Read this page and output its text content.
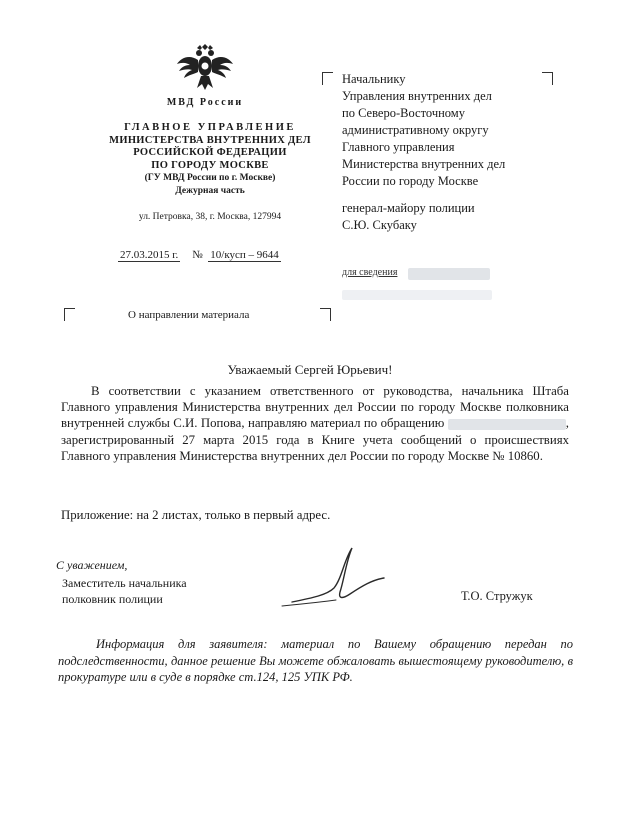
МВД России
ГЛАВНОЕ УПРАВЛЕНИЕ
МИНИСТЕРСТВА ВНУТРЕННИХ ДЕЛ
РОССИЙСКОЙ ФЕДЕРАЦИИ
ПО ГОРОДУ МОСКВЕ
(ГУ МВД России по г. Москве)
Дежурная часть
ул. Петровка, 38, г. Москва, 127994
27.03.2015 г. № 10/кусп – 9644
О направлении материала
Начальнику
Управления внутренних дел
по Северо-Восточному
административному округу
Главного управления
Министерства внутренних дел
России по городу Москве
генерал-майору полиции
С.Ю. Скубаку
для сведения
Уважаемый Сергей Юрьевич!
В соответствии с указанием ответственного от руководства, начальника Штаба Главного управления Министерства внутренних дел России по городу Москве полковника внутренней службы С.И. Попова, направляю материал по обращению	, зарегистрированный 27 марта 2015 года в Книге учета сообщений о происшествиях Главного управления Министерства внутренних дел России по городу Москве № 10860.
Приложение: на 2 листах, только в первый адрес.
С уважением,
Заместитель начальника
полковник полиции	Т.О. Стружук
Информация для заявителя: материал по Вашему обращению передан по подследственности, данное решение Вы можете обжаловать вышестоящему руководителю, в прокуратуре или в суде в порядке ст.124, 125 УПК РФ.
